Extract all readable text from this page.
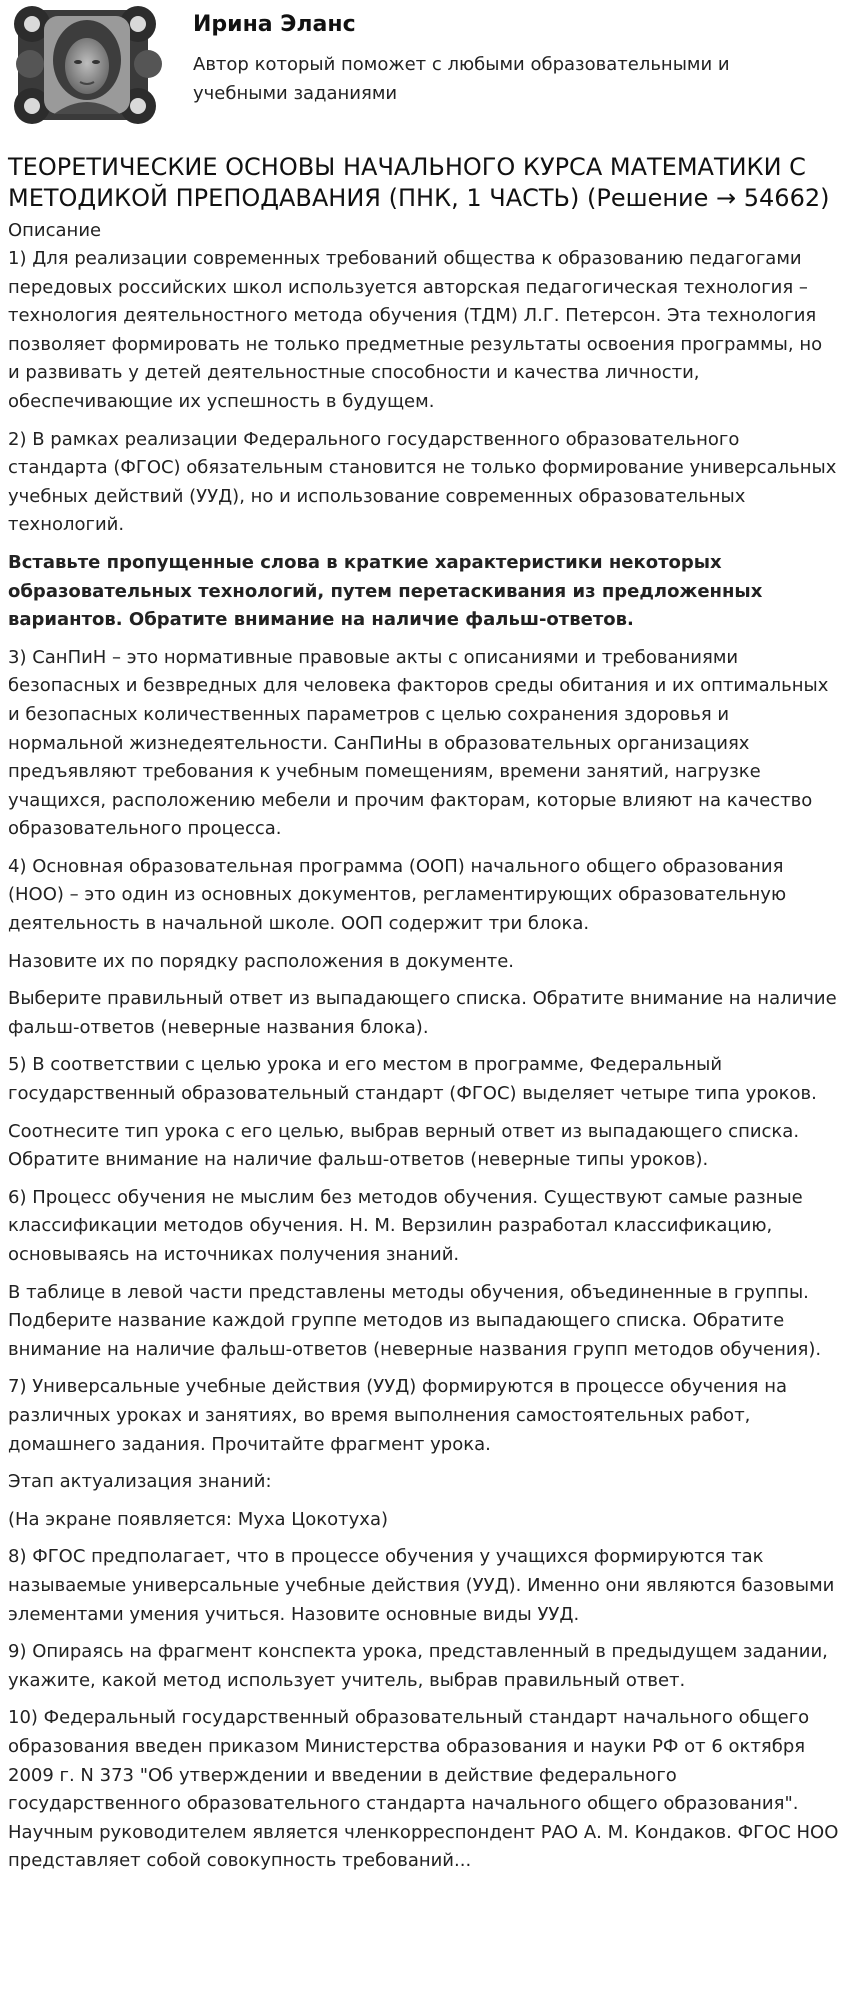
Ирина Эланс
Автор который поможет с любыми образовательными и учебными заданиями
ТЕОРЕТИЧЕСКИЕ ОСНОВЫ НАЧАЛЬНОГО КУРСА МАТЕМАТИКИ С МЕТОДИКОЙ ПРЕПОДАВАНИЯ (ПНК, 1 ЧАСТЬ) (Решение → 54662)
Описание

1) Для реализации современных требований общества к образованию педагогами передовых российских школ используется авторская педагогическая технология – технология деятельностного метода обучения (ТДМ) Л.Г. Петерсон. Эта технология позволяет формировать не только предметные результаты освоения программы, но и развивать у детей деятельностные способности и качества личности, обеспечивающие их успешность в будущем.

2) В рамках реализации Федерального государственного образовательного стандарта (ФГОС) обязательным становится не только формирование универсальных учебных действий (УУД), но и использование современных образовательных технологий.

Вставьте пропущенные слова в краткие характеристики некоторых образовательных технологий, путем перетаскивания из предложенных вариантов. Обратите внимание на наличие фальш-ответов.

3) СанПиН – это нормативные правовые акты с описаниями и требованиями безопасных и безвредных для человека факторов среды обитания и их оптимальных и безопасных количественных параметров с целью сохранения здоровья и нормальной жизнедеятельности. СанПиНы в образовательных организациях предъявляют требования к учебным помещениям, времени занятий, нагрузке учащихся, расположению мебели и прочим факторам, которые влияют на качество образовательного процесса.

4) Основная образовательная программа (ООП) начального общего образования (НОО) – это один из основных документов, регламентирующих образовательную деятельность в начальной школе. ООП содержит три блока.

Назовите их по порядку расположения в документе.

Выберите правильный ответ из выпадающего списка. Обратите внимание на наличие фальш-ответов (неверные названия блока).

5) В соответствии с целью урока и его местом в программе, Федеральный государственный образовательный стандарт (ФГОС) выделяет четыре типа уроков.

Соотнесите тип урока с его целью, выбрав верный ответ из выпадающего списка. Обратите внимание на наличие фальш-ответов (неверные типы уроков).

6) Процесс обучения не мыслим без методов обучения. Существуют самые разные классификации методов обучения. Н. М. Верзилин разработал классификацию, основываясь на источниках получения знаний.

В таблице в левой части представлены методы обучения, объединенные в группы. Подберите название каждой группе методов из выпадающего списка. Обратите внимание на наличие фальш-ответов (неверные названия групп методов обучения).

7) Универсальные учебные действия (УУД) формируются в процессе обучения на различных уроках и занятиях, во время выполнения самостоятельных работ, домашнего задания. Прочитайте фрагмент урока.

Этап актуализация знаний:

(На экране появляется: Муха Цокотуха)

8) ФГОС предполагает, что в процессе обучения у учащихся формируются так называемые универсальные учебные действия (УУД). Именно они являются базовыми элементами умения учиться. Назовите основные виды УУД.

9) Опираясь на фрагмент конспекта урока, представленный в предыдущем задании, укажите, какой метод использует учитель, выбрав правильный ответ.

10) Федеральный государственный образовательный стандарт начального общего образования введен приказом Министерства образования и науки РФ от 6 октября 2009 г. N 373 "Об утверждении и введении в действие федерального государственного образовательного стандарта начального общего образования". Научным руководителем является членкорреспондент РАО А. М. Кондаков. ФГОС НОО представляет собой совокупность требований...
